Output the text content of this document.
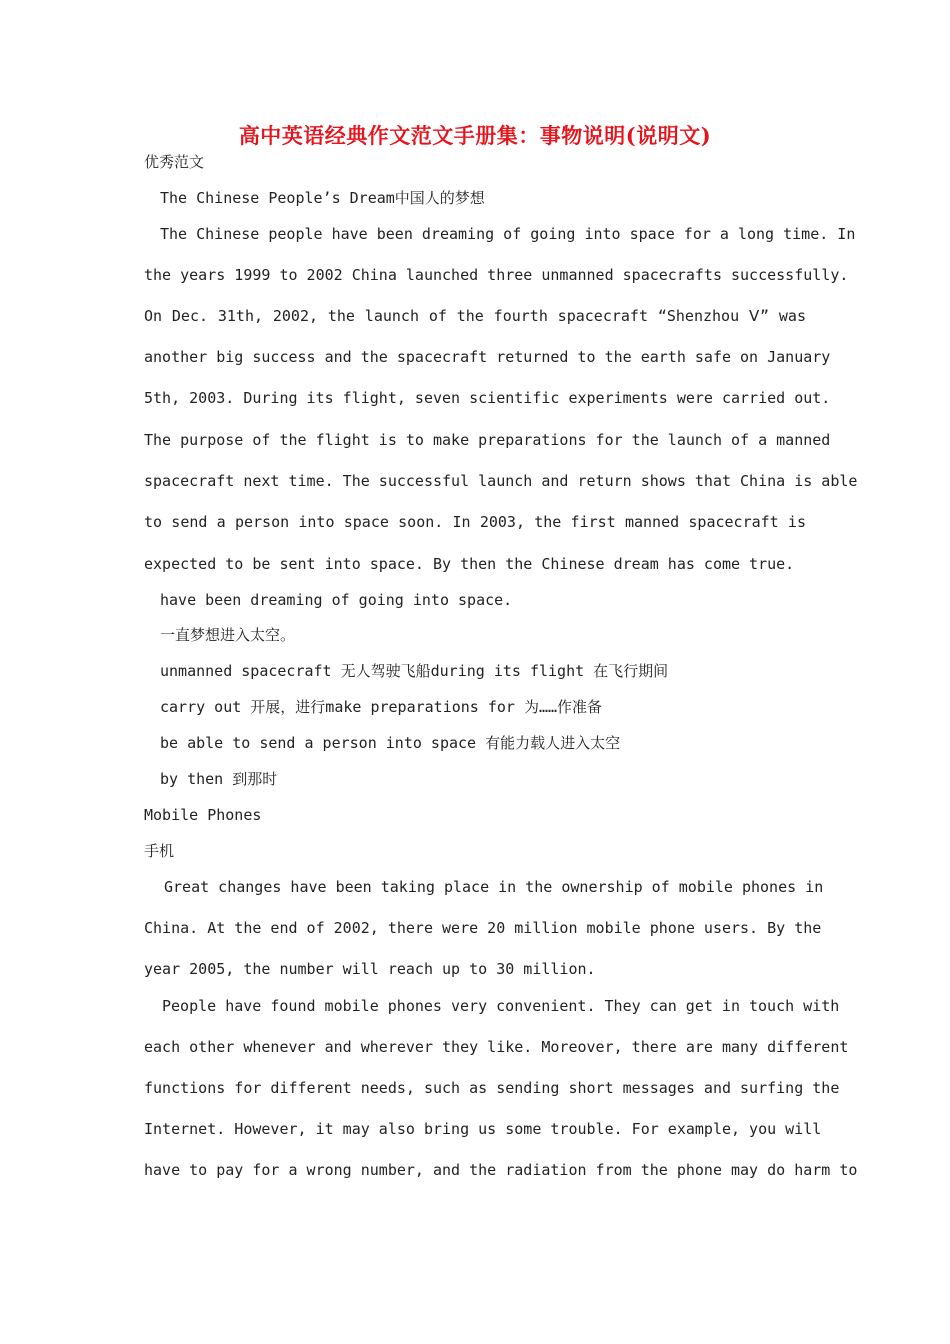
高中英语经典作文范文手册集：事物说明(说明文)
优秀范文
The Chinese People’s Dream中国人的梦想
The Chinese people have been dreaming of going into space for a long time. In
the years 1999 to 2002 China launched three unmanned spacecrafts successfully.
On Dec. 31th, 2002, the launch of the fourth spacecraft “Shenzhou Ⅴ” was
another big success and the spacecraft returned to the earth safe on January
5th, 2003. During its flight, seven scientific experiments were carried out.
The purpose of the flight is to make preparations for the launch of a manned
spacecraft next time. The successful launch and return shows that China is able
to send a person into space soon. In 2003, the first manned spacecraft is
expected to be sent into space. By then the Chinese dream has come true.
have been dreaming of going into space.
一直梦想进入太空。
unmanned spacecraft 无人驾驶飞船during its flight 在飞行期间
carry out 开展，进行make preparations for 为……作准备
be able to send a person into space 有能力载人进入太空
by then 到那时
Mobile Phones
手机
Great changes have been taking place in the ownership of mobile phones in
China. At the end of 2002, there were 20 million mobile phone users. By the
year 2005, the number will reach up to 30 million.
People have found mobile phones very convenient. They can get in touch with
each other whenever and wherever they like. Moreover, there are many different
functions for different needs, such as sending short messages and surfing the
Internet. However, it may also bring us some trouble. For example, you will
have to pay for a wrong number, and the radiation from the phone may do harm to
